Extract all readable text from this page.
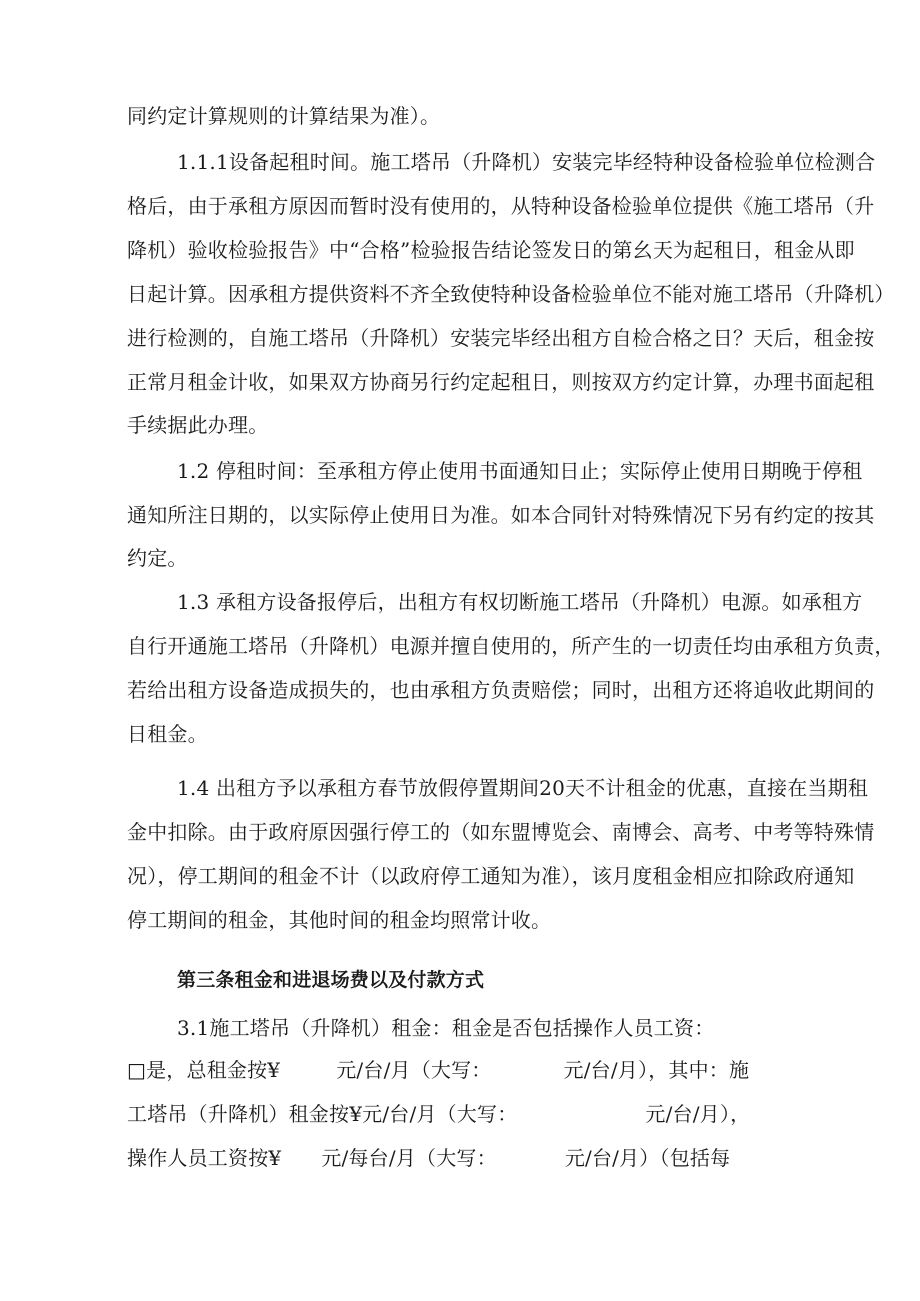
同约定计算规则的计算结果为准）。
1.1.1设备起租时间。施工塔吊（升降机）安装完毕经特种设备检验单位检测合
格后，由于承租方原因而暂时没有使用的，从特种设备检验单位提供《施工塔吊（升
降机）验收检验报告》中“合格”检验报告结论签发日的第幺天为起租日，租金从即
日起计算。因承租方提供资料不齐全致使特种设备检验单位不能对施工塔吊（升降机）
进行检测的，自施工塔吊（升降机）安装完毕经出租方自检合格之日？天后，租金按
正常月租金计收，如果双方协商另行约定起租日，则按双方约定计算，办理书面起租
手续据此办理。
1.2 停租时间：至承租方停止使用书面通知日止；实际停止使用日期晚于停租
通知所注日期的，以实际停止使用日为准。如本合同针对特殊情况下另有约定的按其
约定。
1.3 承租方设备报停后，出租方有权切断施工塔吊（升降机）电源。如承租方
自行开通施工塔吊（升降机）电源并擅自使用的，所产生的一切责任均由承租方负责，
若给出租方设备造成损失的，也由承租方负责赔偿；同时，出租方还将追收此期间的
日租金。
1.4 出租方予以承租方春节放假停置期间20天不计租金的优惠，直接在当期租
金中扣除。由于政府原因强行停工的（如东盟博览会、南博会、高考、中考等特殊情
况），停工期间的租金不计（以政府停工通知为准），该月度租金相应扣除政府通知
停工期间的租金，其他时间的租金均照常计收。
第三条租金和进退场费以及付款方式
3.1施工塔吊（升降机）租金：租金是否包括操作人员工资：
□是，总租金按¥	元/台/月（大写：	元/台/月），其中：施
工塔吊（升降机）租金按¥元/台/月（大写：	元/台/月），
操作人员工资按¥ 元/每台/月（大写：	元/台/月）（包括每
